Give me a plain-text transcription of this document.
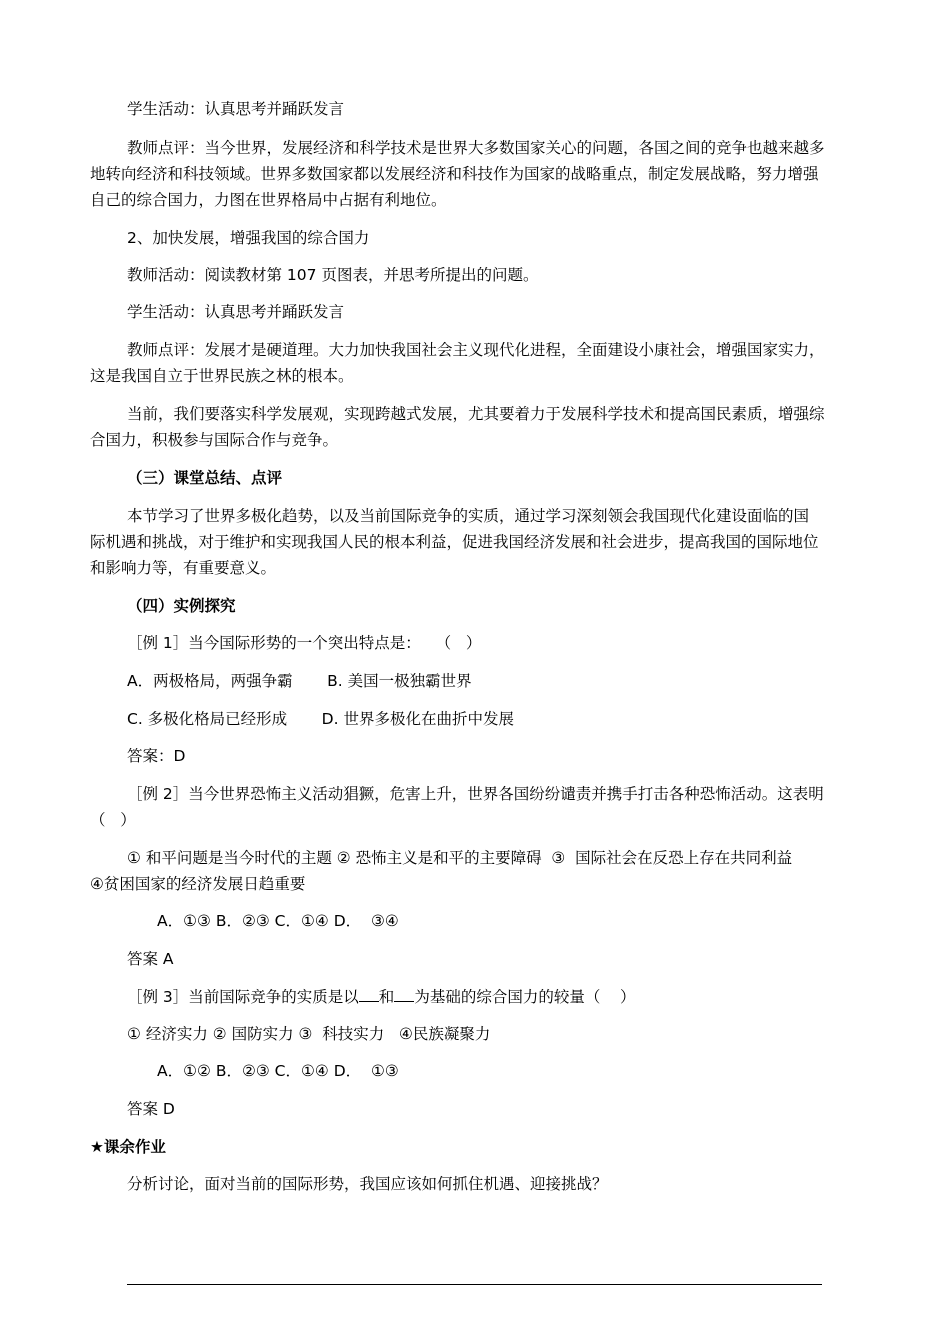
学生活动：认真思考并踊跃发言
教师点评：当今世界，发展经济和科学技术是世界大多数国家关心的问题，各国之间的竞争也越来越多
地转向经济和科技领域。世界多数国家都以发展经济和科技作为国家的战略重点，制定发展战略，努力增强
自己的综合国力，力图在世界格局中占据有利地位。
2、加快发展，增强我国的综合国力
教师活动：阅读教材第 107 页图表，并思考所提出的问题。
学生活动：认真思考并踊跃发言
教师点评：发展才是硬道理。大力加快我国社会主义现代化进程，全面建设小康社会，增强国家实力，
这是我国自立于世界民族之林的根本。
当前，我们要落实科学发展观，实现跨越式发展，尤其要着力于发展科学技术和提高国民素质，增强综
合国力，积极参与国际合作与竞争。
（三）课堂总结、点评
本节学习了世界多极化趋势，以及当前国际竞争的实质，通过学习深刻领会我国现代化建设面临的国
际机遇和挑战，对于维护和实现我国人民的根本利益，促进我国经济发展和社会进步，提高我国的国际地位
和影响力等，有重要意义。
（四）实例探究
［例 1］当今国际形势的一个突出特点是：   （   ）
A．两极格局，两强争霸       B. 美国一极独霸世界
C. 多极化格局已经形成       D. 世界多极化在曲折中发展
答案：D
［例 2］当今世界恐怖主义活动猖獗，危害上升，世界各国纷纷谴责并携手打击各种恐怖活动。这表明
（   ）
① 和平问题是当今时代的主题 ② 恐怖主义是和平的主要障碍  ③  国际社会在反恐上存在共同利益
④贫困国家的经济发展日趋重要
A．①③ B．②③ C．①④ D．  ③④
答案 A
［例 3］当前国际竞争的实质是以 和 为基础的综合国力的较量（    ）
① 经济实力 ② 国防实力 ③  科技实力   ④民族凝聚力
A．①② B．②③ C．①④ D．  ①③
答案 D
★课余作业
分析讨论，面对当前的国际形势，我国应该如何抓住机遇、迎接挑战？
